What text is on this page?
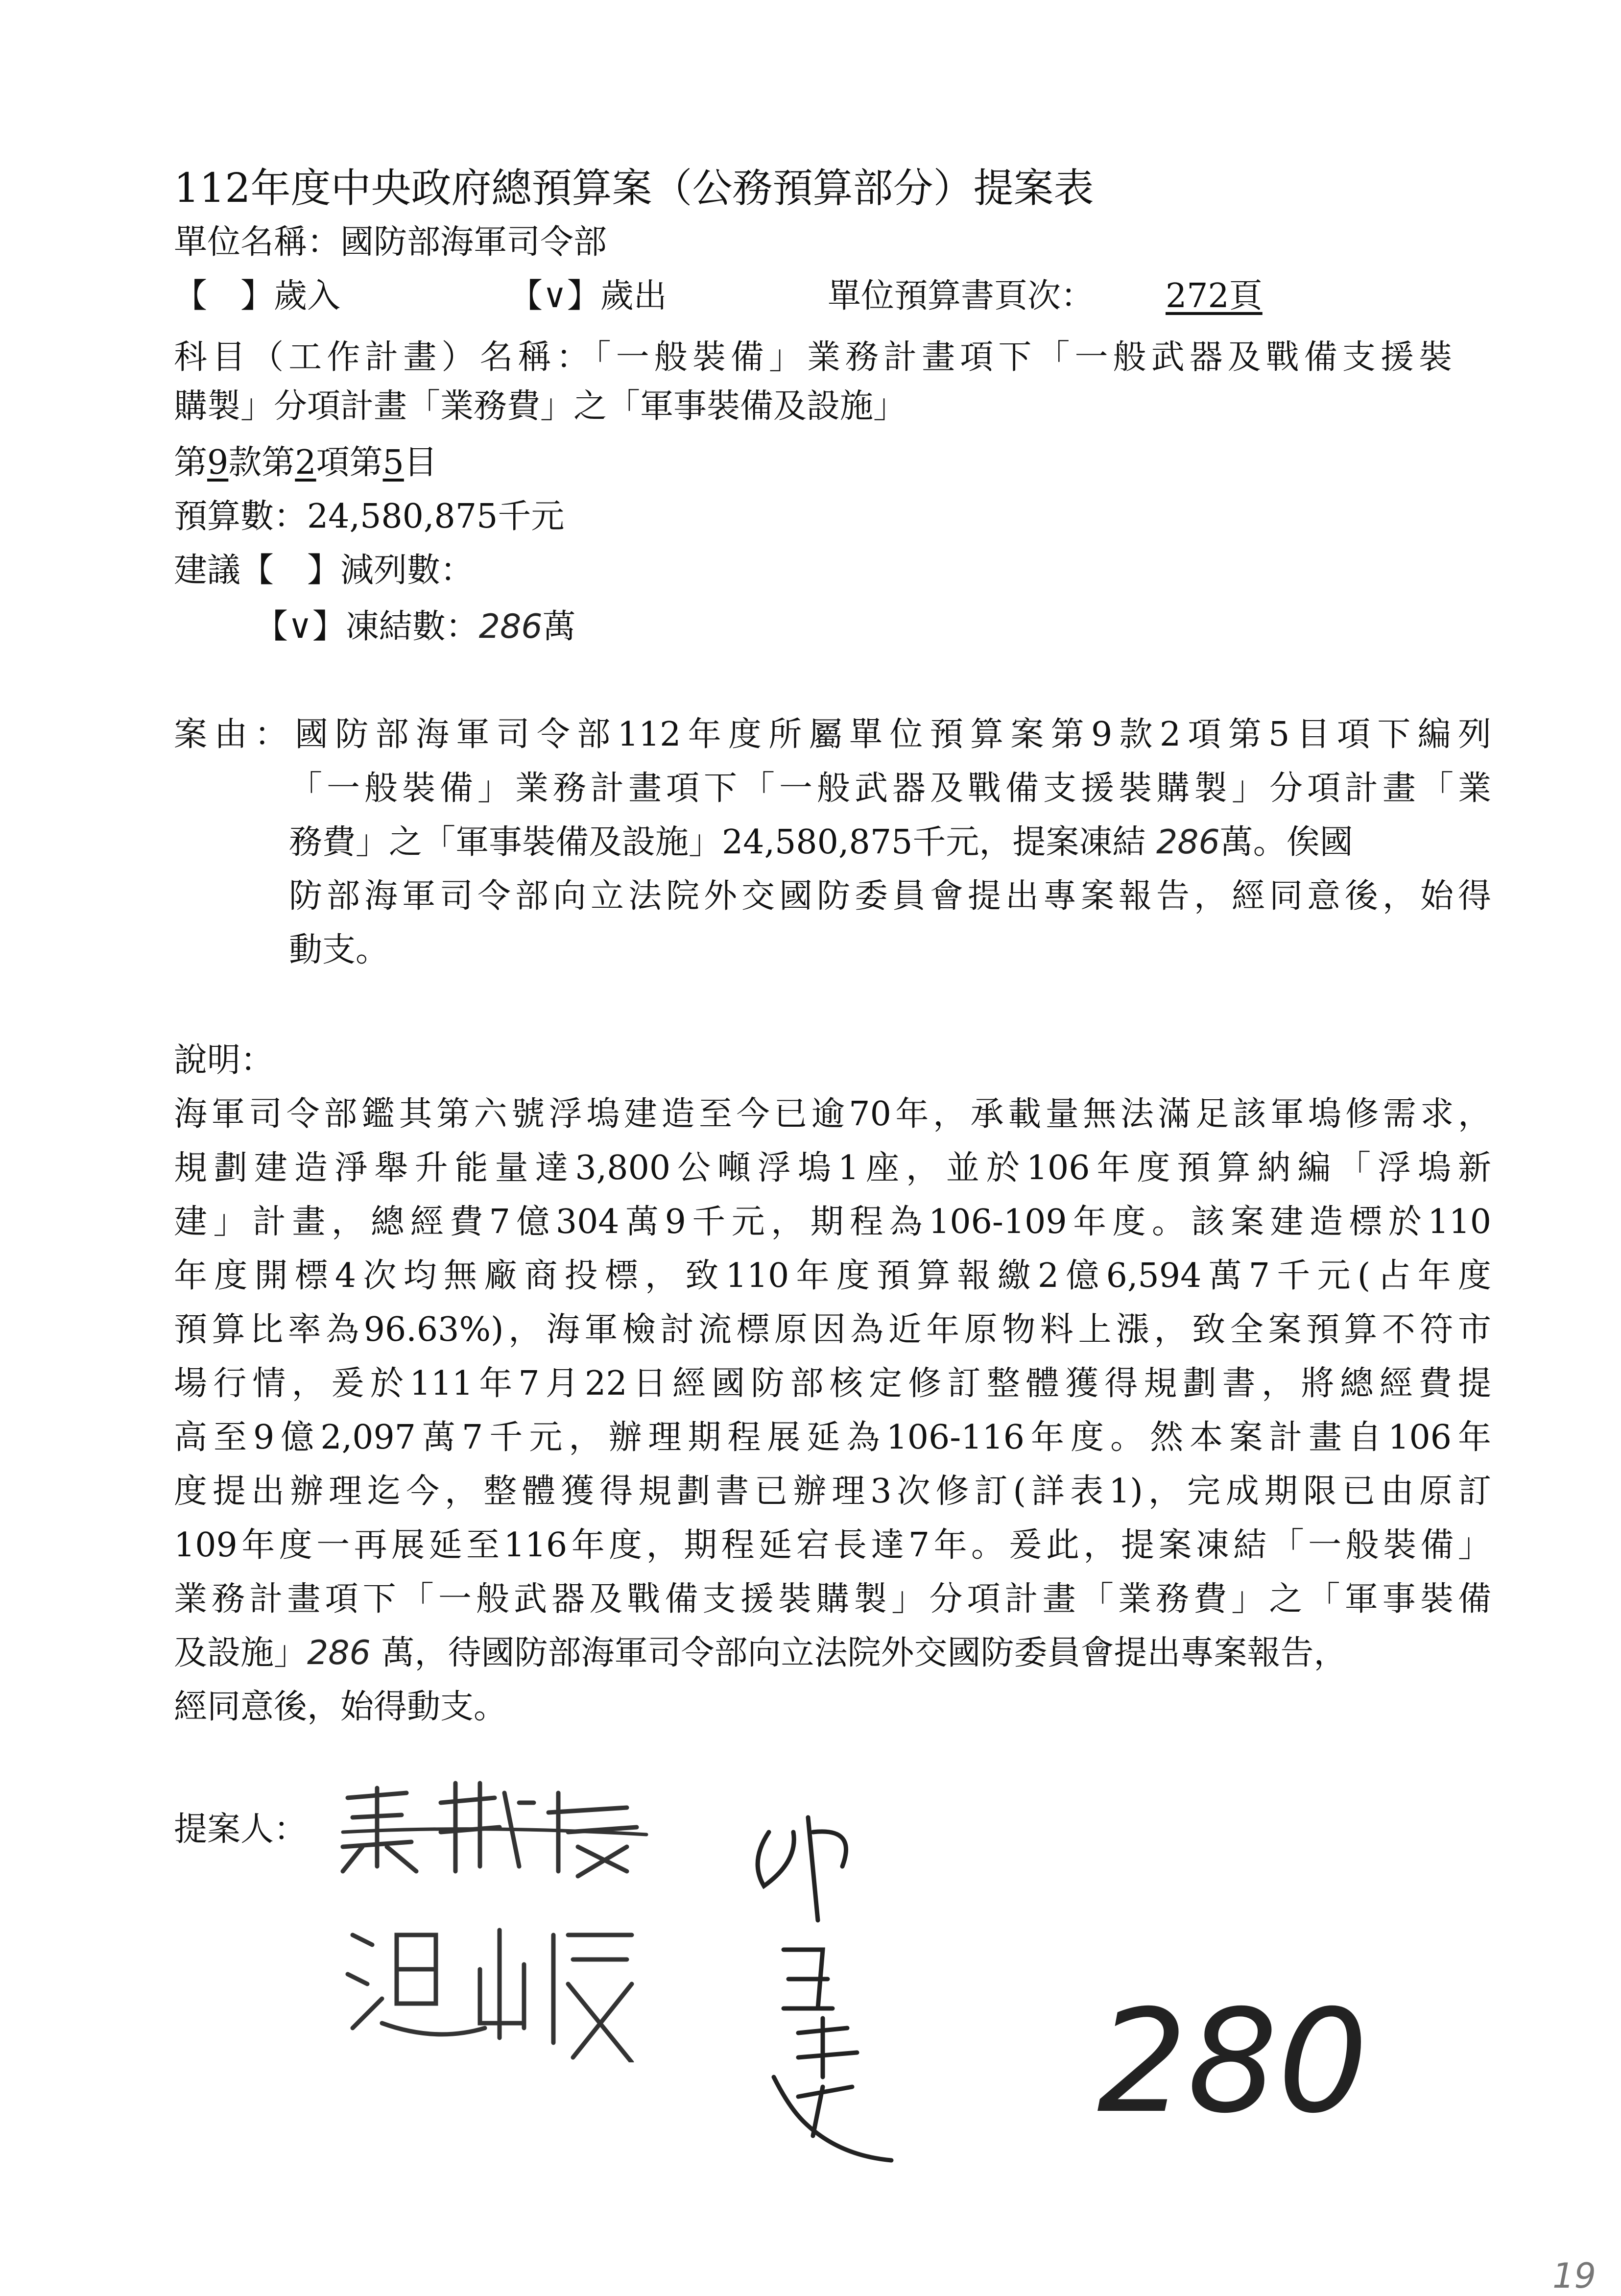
112年度中央政府總預算案（公務預算部分）提案表
單位名稱：國防部海軍司令部
【　】歲入	【∨】歲出	單位預算書頁次： 272頁
科目（工作計畫）名稱：「一般裝備」業務計畫項下「一般武器及戰備支援裝
購製」分項計畫「業務費」之「軍事裝備及設施」
第9款第2項第5目
預算數：24,580,875千元
建議【　】減列數：
【∨】凍結數：286萬
案由：國防部海軍司令部112年度所屬單位預算案第9款2項第5目項下編列
「一般裝備」業務計畫項下「一般武器及戰備支援裝購製」分項計畫「業
務費」之「軍事裝備及設施」24,580,875千元，提案凍結 286萬。俟國
防部海軍司令部向立法院外交國防委員會提出專案報告，經同意後，始得
動支。
說明：
海軍司令部鑑其第六號浮塢建造至今已逾70年，承載量無法滿足該軍塢修需求，
規劃建造淨舉升能量達3,800公噸浮塢1座，並於106年度預算納編「浮塢新
建」計畫，總經費7億304萬9千元，期程為106-109年度。該案建造標於110
年度開標4次均無廠商投標，致110年度預算報繳2億6,594萬7千元(占年度
預算比率為96.63%)，海軍檢討流標原因為近年原物料上漲，致全案預算不符市
場行情，爰於111年7月22日經國防部核定修訂整體獲得規劃書，將總經費提
高至9億2,097萬7千元，辦理期程展延為106-116年度。然本案計畫自106年
度提出辦理迄今，整體獲得規劃書已辦理3次修訂(詳表1)，完成期限已由原訂
109年度一再展延至116年度，期程延宕長達7年。爰此，提案凍結「一般裝備」
業務計畫項下「一般武器及戰備支援裝購製」分項計畫「業務費」之「軍事裝備
及設施」286 萬，待國防部海軍司令部向立法院外交國防委員會提出專案報告，
經同意後，始得動支。
提案人：
280
19
